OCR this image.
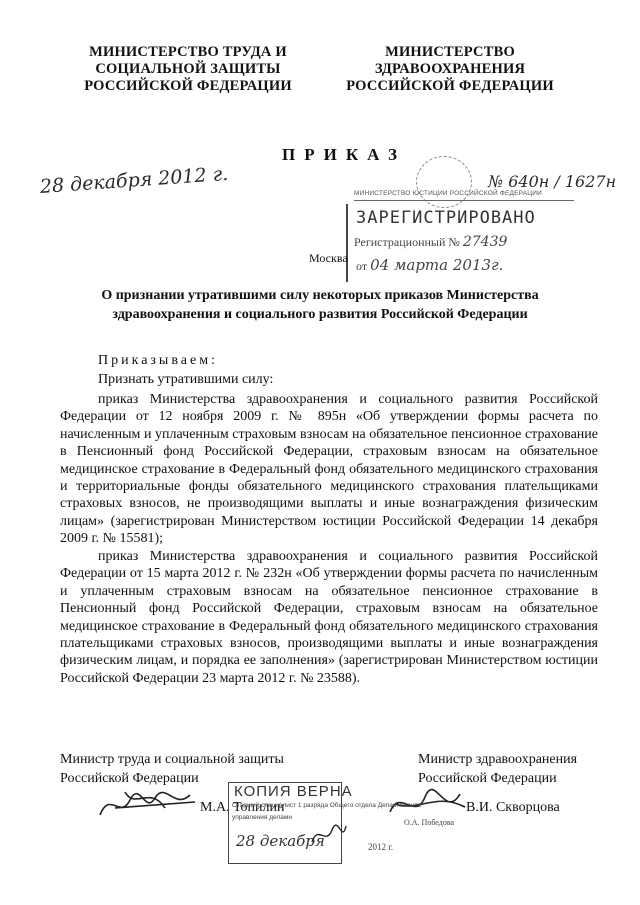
МИНИСТЕРСТВО ТРУДА И
СОЦИАЛЬНОЙ ЗАЩИТЫ
РОССИЙСКОЙ ФЕДЕРАЦИИ
МИНИСТЕРСТВО
ЗДРАВООХРАНЕНИЯ
РОССИЙСКОЙ ФЕДЕРАЦИИ
ПРИКАЗ
28 декабря 2012 г.	№ 640н / 1627н
МИНИСТЕРСТВО ЮСТИЦИИ РОССИЙСКОЙ ФЕДЕРАЦИИ
ЗАРЕГИСТРИРОВАНО
Регистрационный № 27439
от 04 марта 2013г.
Москва
О признании утратившими силу некоторых приказов Министерства здравоохранения и социального развития Российской Федерации
Приказываем:
Признать утратившими силу:

приказ Министерства здравоохранения и социального развития Российской Федерации от 12 ноября 2009 г. № 895н «Об утверждении формы расчета по начисленным и уплаченным страховым взносам на обязательное пенсионное страхование в Пенсионный фонд Российской Федерации, страховым взносам на обязательное медицинское страхование в Федеральный фонд обязательного медицинского страхования и территориальные фонды обязательного медицинского страхования плательщиками страховых взносов, не производящими выплаты и иные вознаграждения физическим лицам» (зарегистрирован Министерством юстиции Российской Федерации 14 декабря 2009 г. № 15581);

приказ Министерства здравоохранения и социального развития Российской Федерации от 15 марта 2012 г. № 232н «Об утверждении формы расчета по начисленным и уплаченным страховым взносам на обязательное пенсионное страхование в Пенсионный фонд Российской Федерации, страховым взносам на обязательное медицинское страхование в Федеральный фонд обязательного медицинского страхования плательщиками страховых взносов, производящими выплаты и иные вознаграждения физическим лицам, и порядка ее заполнения» (зарегистрирован Министерством юстиции Российской Федерации 23 марта 2012 г. № 23588).

Министр труда и социальной защиты
Российской Федерации
Министр здравоохранения
Российской Федерации
М.А. Топилин	В.И. Скворцова
КОПИЯ ВЕРНА
Старший специалист 1 разряда Общего отдела Департамента
управления делами
О.А. Победова
28 декабря	2012 г.
